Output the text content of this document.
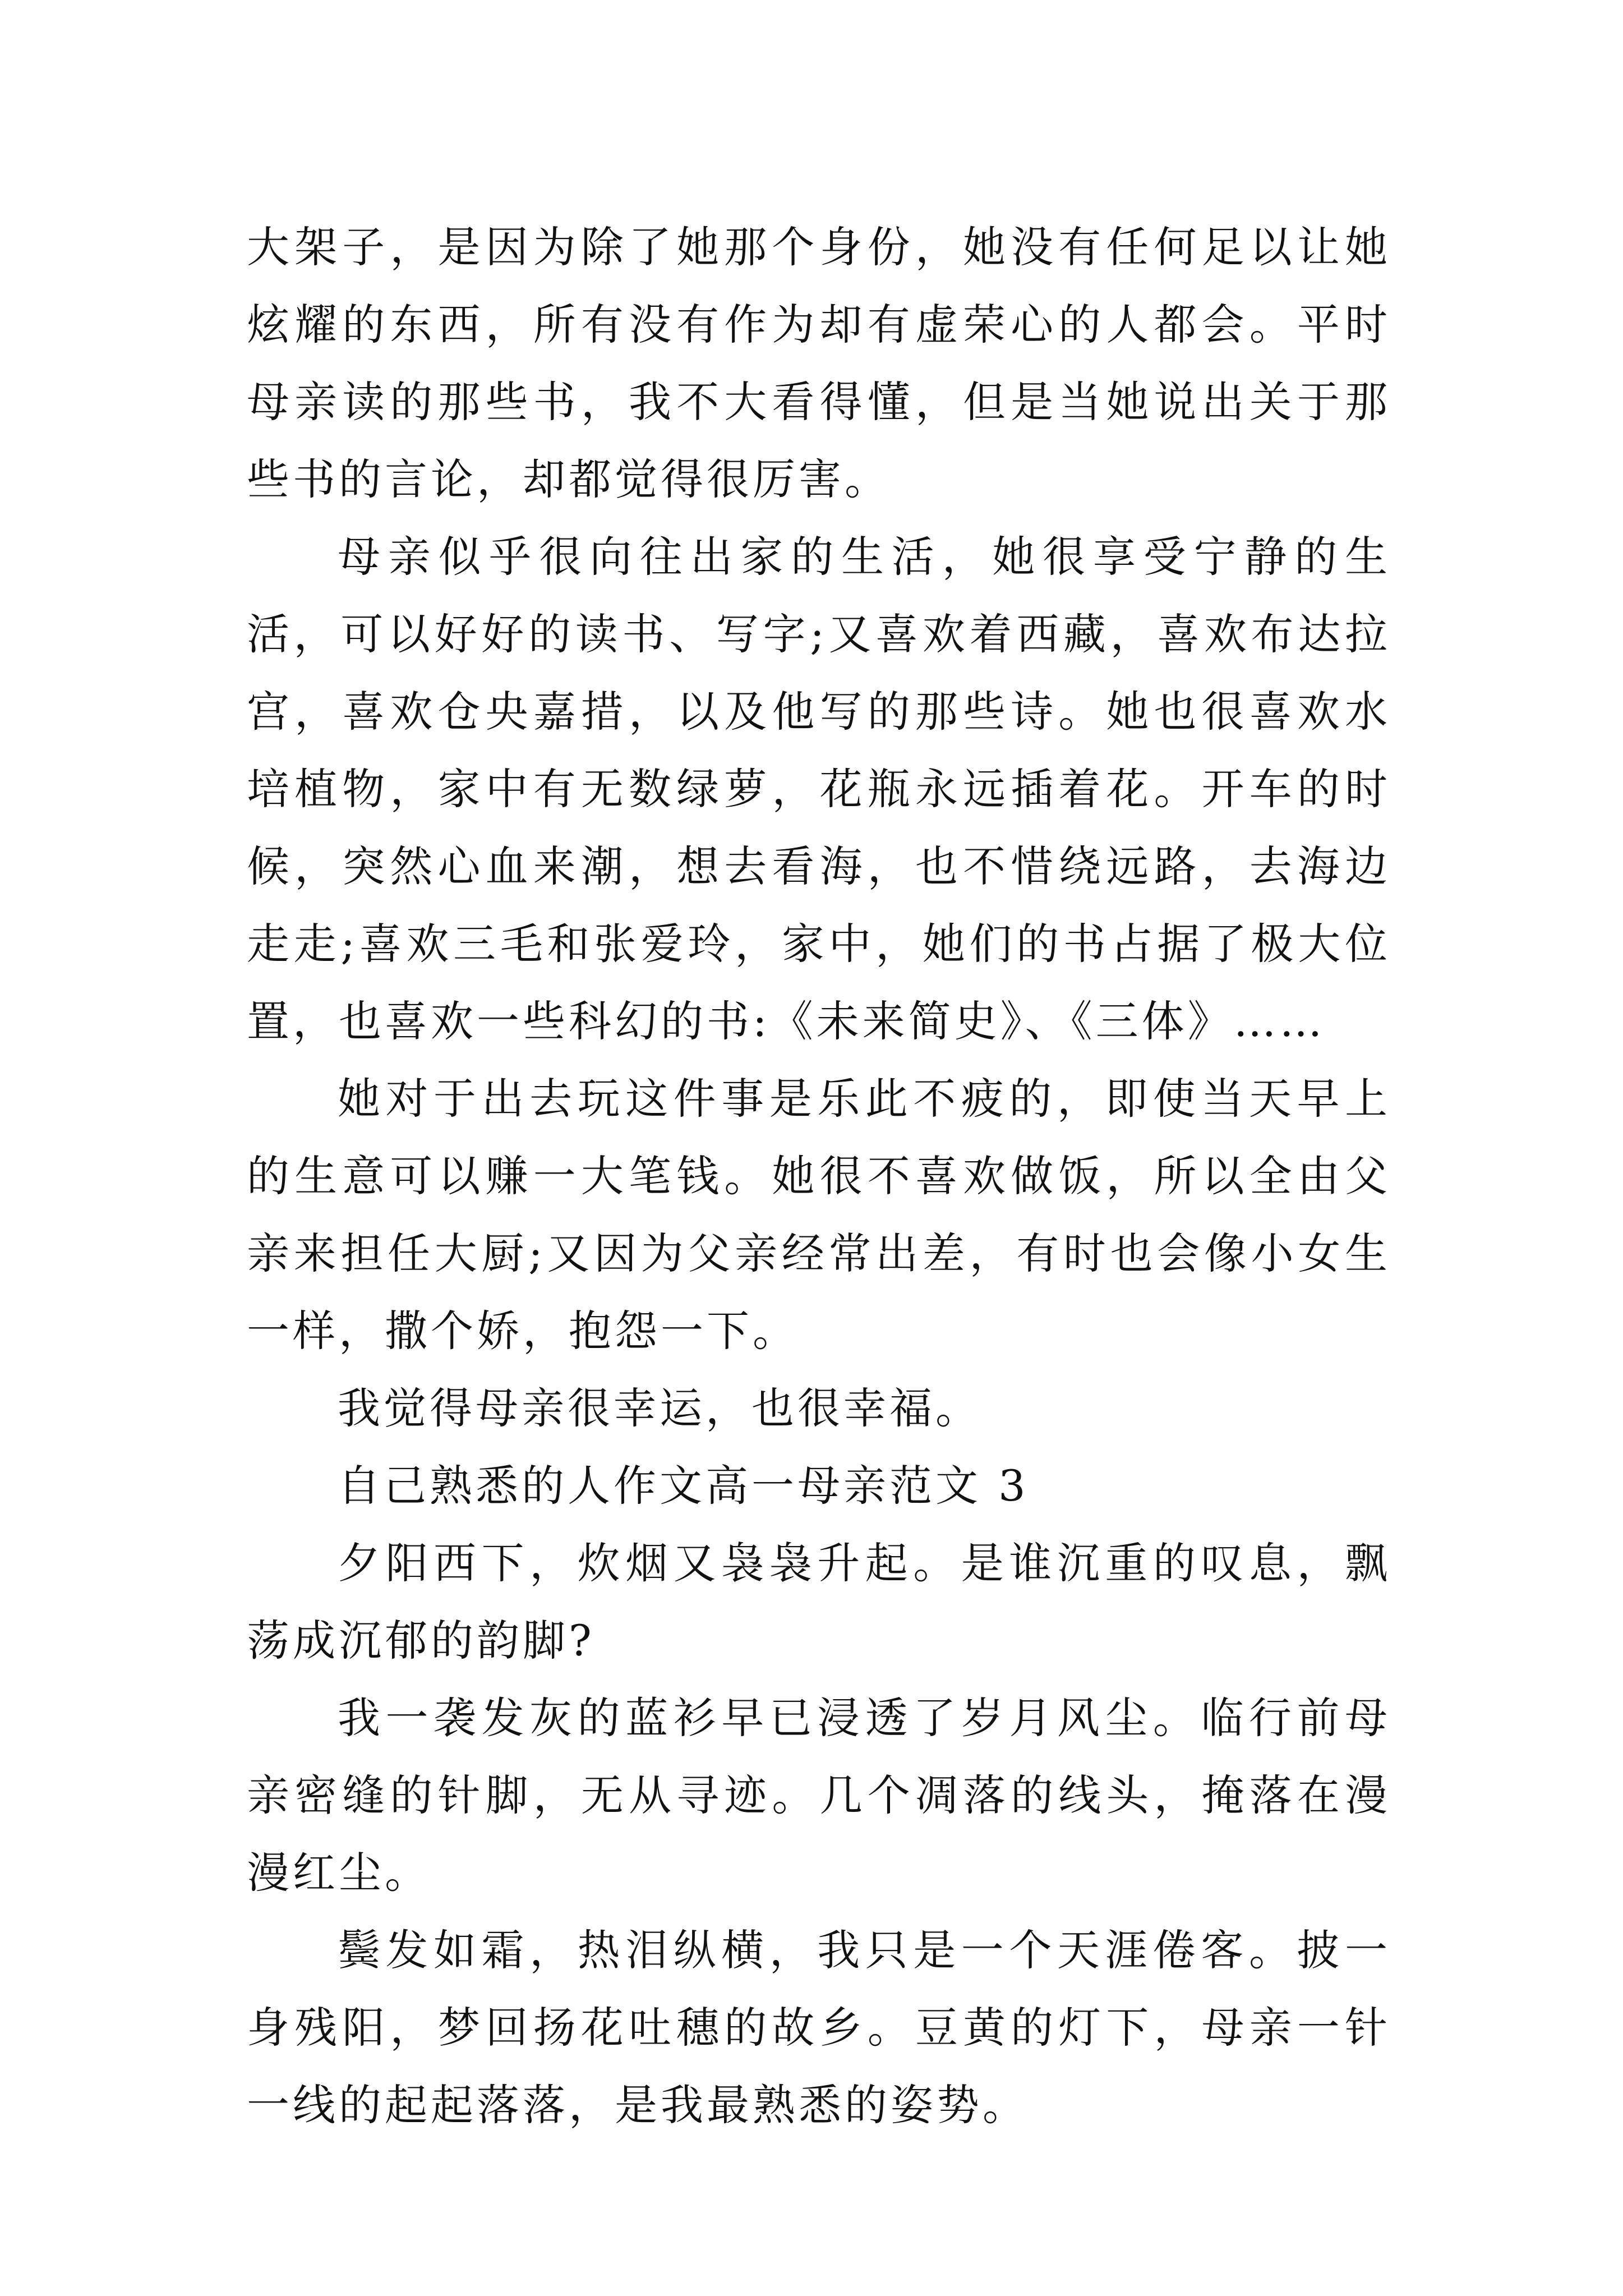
大架子，是因为除了她那个身份，她没有任何足以让她炫耀的东西，所有没有作为却有虚荣心的人都会。平时母亲读的那些书，我不大看得懂，但是当她说出关于那些书的言论，却都觉得很厉害。

母亲似乎很向往出家的生活，她很享受宁静的生活，可以好好的读书、写字;又喜欢着西藏，喜欢布达拉宫，喜欢仓央嘉措，以及他写的那些诗。她也很喜欢水培植物，家中有无数绿萝，花瓶永远插着花。开车的时候，突然心血来潮，想去看海，也不惜绕远路，去海边走走;喜欢三毛和张爱玲，家中，她们的书占据了极大位置，也喜欢一些科幻的书:《未来简史》、《三体》……

她对于出去玩这件事是乐此不疲的，即使当天早上的生意可以赚一大笔钱。她很不喜欢做饭，所以全由父亲来担任大厨;又因为父亲经常出差，有时也会像小女生一样，撒个娇，抱怨一下。

我觉得母亲很幸运，也很幸福。

自己熟悉的人作文高一母亲范文 3

夕阳西下，炊烟又袅袅升起。是谁沉重的叹息，飘荡成沉郁的韵脚?

我一袭发灰的蓝衫早已浸透了岁月风尘。临行前母亲密缝的针脚，无从寻迹。几个凋落的线头，掩落在漫漫红尘。

鬓发如霜，热泪纵横，我只是一个天涯倦客。披一身残阳，梦回扬花吐穗的故乡。豆黄的灯下，母亲一针一线的起起落落，是我最熟悉的姿势。
